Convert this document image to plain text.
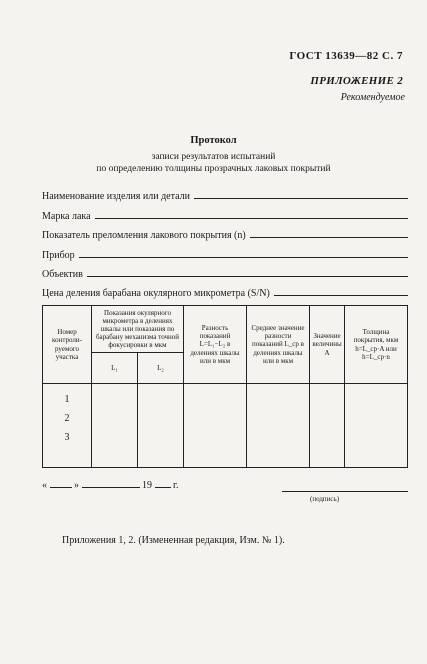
ГОСТ 13639—82 С. 7
ПРИЛОЖЕНИЕ 2
Рекомендуемое
Протокол
записи результатов испытаний
по определению толщины прозрачных лаковых покрытий
Наименование изделия или детали
Марка лака
Показатель преломления лакового покрытия (n)
Прибор
Объектив
Цена деления барабана окулярного микрометра (S/N)
Номер контроли-руемого участка	Показания окулярного микрометра в делениях шкалы или показания по барабану механизма точной фокусировки в мкм		Разность показаний L=L₁−L₂ в делениях шкалы или в мкм	Среднее значение разности показаний L_ср в делениях шкалы или в мкм	Значение величины A	Толщина покрытия, мкм h=L_ср·A или h=L_ср·n
	L₁	L₂				

1
2
3						

«	»	19 г.
(подпись)
Приложения 1, 2. (Измененная редакция, Изм. № 1).
